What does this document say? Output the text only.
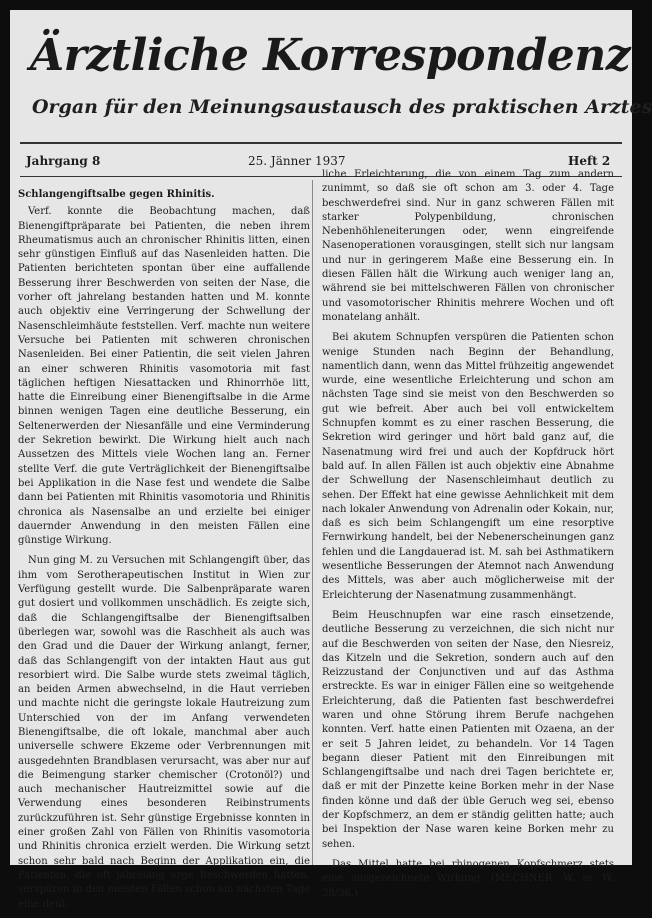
Ärztliche Korrespondenz
Organ für den Meinungsaustausch des praktischen Arztes
Jahrgang 8	25. Jänner 1937	Heft 2

Schlangengiftsalbe gegen Rhinitis.

Verf. konnte die Beobachtung machen, daß Bienengiftpräparate bei Patienten, die neben ihrem Rheumatismus auch an chronischer Rhinitis litten, einen sehr günstigen Einfluß auf das Nasenleiden hatten. Die Patienten berichteten spontan über eine auffallende Besserung ihrer Beschwerden von seiten der Nase, die vorher oft jahrelang bestanden hatten und M. konnte auch objektiv eine Verringerung der Schwellung der Nasenschleimhäute feststellen. Verf. machte nun weitere Versuche bei Patienten mit schweren chronischen Nasenleiden. Bei einer Patientin, die seit vielen Jahren an einer schweren Rhinitis vasomotoria mit fast täglichen heftigen Niesattacken und Rhinorrhöe litt, hatte die Einreibung einer Bienengiftsalbe in die Arme binnen wenigen Tagen eine deutliche Besserung, ein Seltenerwerden der Niesanfälle und eine Verminderung der Sekretion bewirkt. Die Wirkung hielt auch nach Aussetzen des Mittels viele Wochen lang an. Ferner stellte Verf. die gute Verträglichkeit der Bienengiftsalbe bei Applikation in die Nase fest und wendete die Salbe dann bei Patienten mit Rhinitis vasomotoria und Rhinitis chronica als Nasensalbe an und erzielte bei einiger dauernder Anwendung in den meisten Fällen eine günstige Wirkung.

Nun ging M. zu Versuchen mit Schlangengift über, das ihm vom Serotherapeutischen Institut in Wien zur Verfügung gestellt wurde. Die Salbenpräparate waren gut dosiert und vollkommen unschädlich. Es zeigte sich, daß die Schlangengiftsalbe der Bienengiftsalben überlegen war, sowohl was die Raschheit als auch was den Grad und die Dauer der Wirkung anlangt, ferner, daß das Schlangengift von der intakten Haut aus gut resorbiert wird. Die Salbe wurde stets zweimal täglich, an beiden Armen abwechselnd, in die Haut verrieben und machte nicht die geringste lokale Hautreizung zum Unterschied von der im Anfang verwendeten Bienengiftsalbe, die oft lokale, manchmal aber auch universelle schwere Ekzeme oder Verbrennungen mit ausgedehnten Brandblasen verursacht, was aber nur auf die Beimengung starker chemischer (Crotonöl?) und auch mechanischer Hautreizmittel sowie auf die Verwendung eines besonderen Reibinstruments zurückzuführen ist. Sehr günstige Ergebnisse konnten in einer großen Zahl von Fällen von Rhinitis vasomotoria und Rhinitis chronica erzielt werden. Die Wirkung setzt schon sehr bald nach Beginn der Applikation ein, die Patienten, die oft jahrelang arge Beschwerden hatten, verspüren in den meisten Fällen schon am nächsten Tage eine deut-

liche Erleichterung, die von einem Tag zum andern zunimmt, so daß sie oft schon am 3. oder 4. Tage beschwerdefrei sind. Nur in ganz schweren Fällen mit starker Polypenbildung, chronischen Nebenhöhleneiterungen oder, wenn eingreifende Nasenoperationen vorausgingen, stellt sich nur langsam und nur in geringerem Maße eine Besserung ein. In diesen Fällen hält die Wirkung auch weniger lang an, während sie bei mittelschweren Fällen von chronischer und vasomotorischer Rhinitis mehrere Wochen und oft monatelang anhält.

Bei akutem Schnupfen verspüren die Patienten schon wenige Stunden nach Beginn der Behandlung, namentlich dann, wenn das Mittel frühzeitig angewendet wurde, eine wesentliche Erleichterung und schon am nächsten Tage sind sie meist von den Beschwerden so gut wie befreit. Aber auch bei voll entwickeltem Schnupfen kommt es zu einer raschen Besserung, die Sekretion wird geringer und hört bald ganz auf, die Nasenatmung wird frei und auch der Kopfdruck hört bald auf. In allen Fällen ist auch objektiv eine Abnahme der Schwellung der Nasenschleimhaut deutlich zu sehen. Der Effekt hat eine gewisse Aehnlichkeit mit dem nach lokaler Anwendung von Adrenalin oder Kokain, nur, daß es sich beim Schlangengift um eine resorptive Fernwirkung handelt, bei der Nebenerscheinungen ganz fehlen und die Langdauerad ist. M. sah bei Asthmatikern wesentliche Besserungen der Atemnot nach Anwendung des Mittels, was aber auch möglicherweise mit der Erleichterung der Nasenatmung zusammenhängt.

Beim Heuschnupfen war eine rasch einsetzende, deutliche Besserung zu verzeichnen, die sich nicht nur auf die Beschwerden von seiten der Nase, den Niesreiz, das Kitzeln und die Sekretion, sondern auch auf den Reizzustand der Conjunctiven und auf das Asthma erstreckte. Es war in einiger Fällen eine so weitgehende Erleichterung, daß die Patienten fast beschwerdefrei waren und ohne Störung ihrem Berufe nachgehen konnten. Verf. hatte einen Patienten mit Ozaena, an der er seit 5 Jahren leidet, zu behandeln. Vor 14 Tagen begann dieser Patient mit den Einreibungen mit Schlangengiftsalbe und nach drei Tagen berichtete er, daß er mit der Pinzette keine Borken mehr in der Nase finden könne und daß der üble Geruch weg sei, ebenso der Kopfschmerz, an dem er ständig gelitten hatte; auch bei Inspektion der Nase waren keine Borken mehr zu sehen.

Das Mittel hatte bei rhinogenen Kopfschmerz stets eine ausgezeichnete Wirkung. (MECHNER: W. m. W. 38/36.)
